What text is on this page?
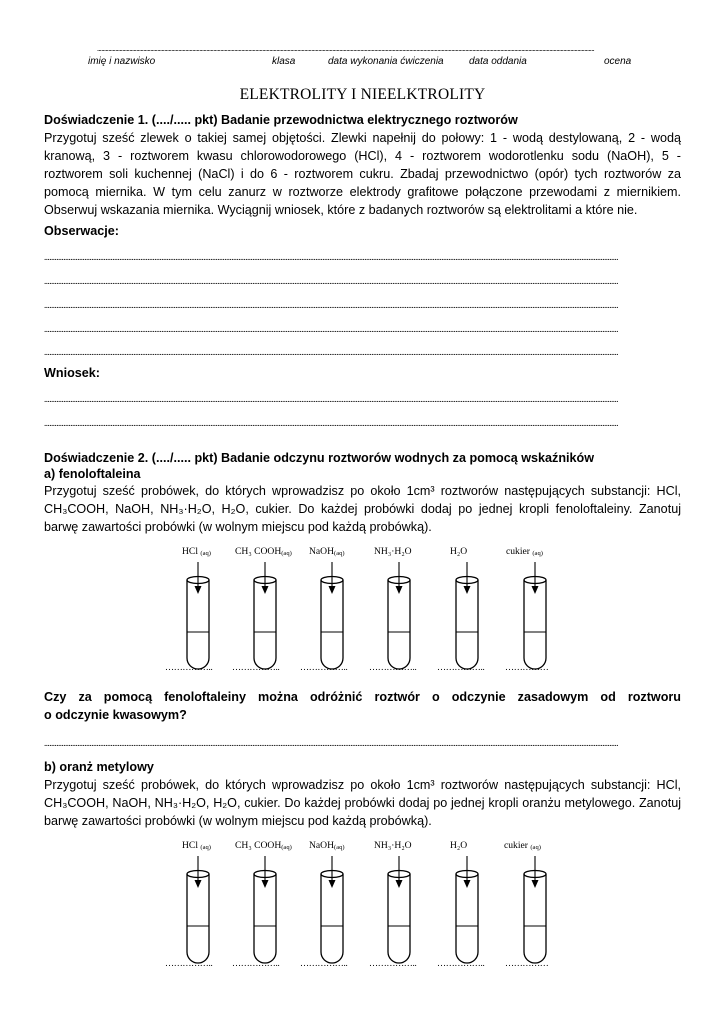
...................................................................................................................................................................................................................................................................................................................................................................
imię i nazwisko	klasa	data wykonania ćwiczenia	data oddania	ocena
ELEKTROLITY I NIEELKTROLITY
Doświadczenie 1. (..../..... pkt) Badanie przewodnictwa elektrycznego roztworów
Przygotuj sześć zlewek o takiej samej objętości. Zlewki napełnij do połowy: 1 - wodą destylowaną, 2 - wodą
kranową, 3 - roztworem kwasu chlorowodorowego (HCl), 4 - roztworem wodorotlenku sodu (NaOH), 5 -
roztworem soli kuchennej (NaCl) i do 6 - roztworem cukru. Zbadaj przewodnictwo (opór) tych roztworów za
pomocą miernika. W tym celu zanurz w roztworze elektrody grafitowe połączone przewodami z miernikiem.
Obserwuj wskazania miernika. Wyciągnij wniosek, które z badanych roztworów są elektrolitami a które nie.
Obserwacje:
........................................................................................................................................................................................................................................................................................................................................
........................................................................................................................................................................................................................................................................................................................................
........................................................................................................................................................................................................................................................................................................................................
........................................................................................................................................................................................................................................................................................................................................
........................................................................................................................................................................................................................................................................................................................................
Wniosek:
........................................................................................................................................................................................................................................................................................................................................
........................................................................................................................................................................................................................................................................................................................................
Doświadczenie 2. (..../..... pkt) Badanie odczynu roztworów wodnych za pomocą wskaźników
a) fenoloftaleina
Przygotuj sześć probówek, do których wprowadzisz po około 1cm³ roztworów następujących substancji: HCl,
CH₃COOH, NaOH, NH₃·H₂O, H₂O, cukier. Do każdej probówki dodaj po jednej kropli fenoloftaleiny. Zanotuj
barwę zawartości probówki (w wolnym miejscu pod każdą probówką).
HCl $_{(aq)}$	CH₃ $COOH_{(aq)}$ NaOH$_{(aq)}$	NH₃·H₂O	H₂O	cukier $_{(aq)}$
…………….. …………….. …………….. …………….. …………….. ……………
Czy za pomocą fenoloftaleiny można odróżnić roztwór o odczynie zasadowym od roztworu
o odczynie kwasowym?
........................................................................................................................................................................................................................................................................................................................................
b) oranż metylowy
Przygotuj sześć probówek, do których wprowadzisz po około 1cm³ roztworów następujących substancji: HCl,
CH₃COOH, NaOH, NH₃·H₂O, H₂O, cukier. Do każdej probówki dodaj po jednej kropli oranżu metylowego. Zanotuj
barwę zawartości probówki (w wolnym miejscu pod każdą probówką).
HCl $_{(aq)}$	CH₃ $COOH_{(aq)}$ NaOH$_{(aq)}$	NH₃·H₂O	H₂O	cukier $_{(aq)}$
…………….. …………….. …………….. …………….. …………….. ……………
